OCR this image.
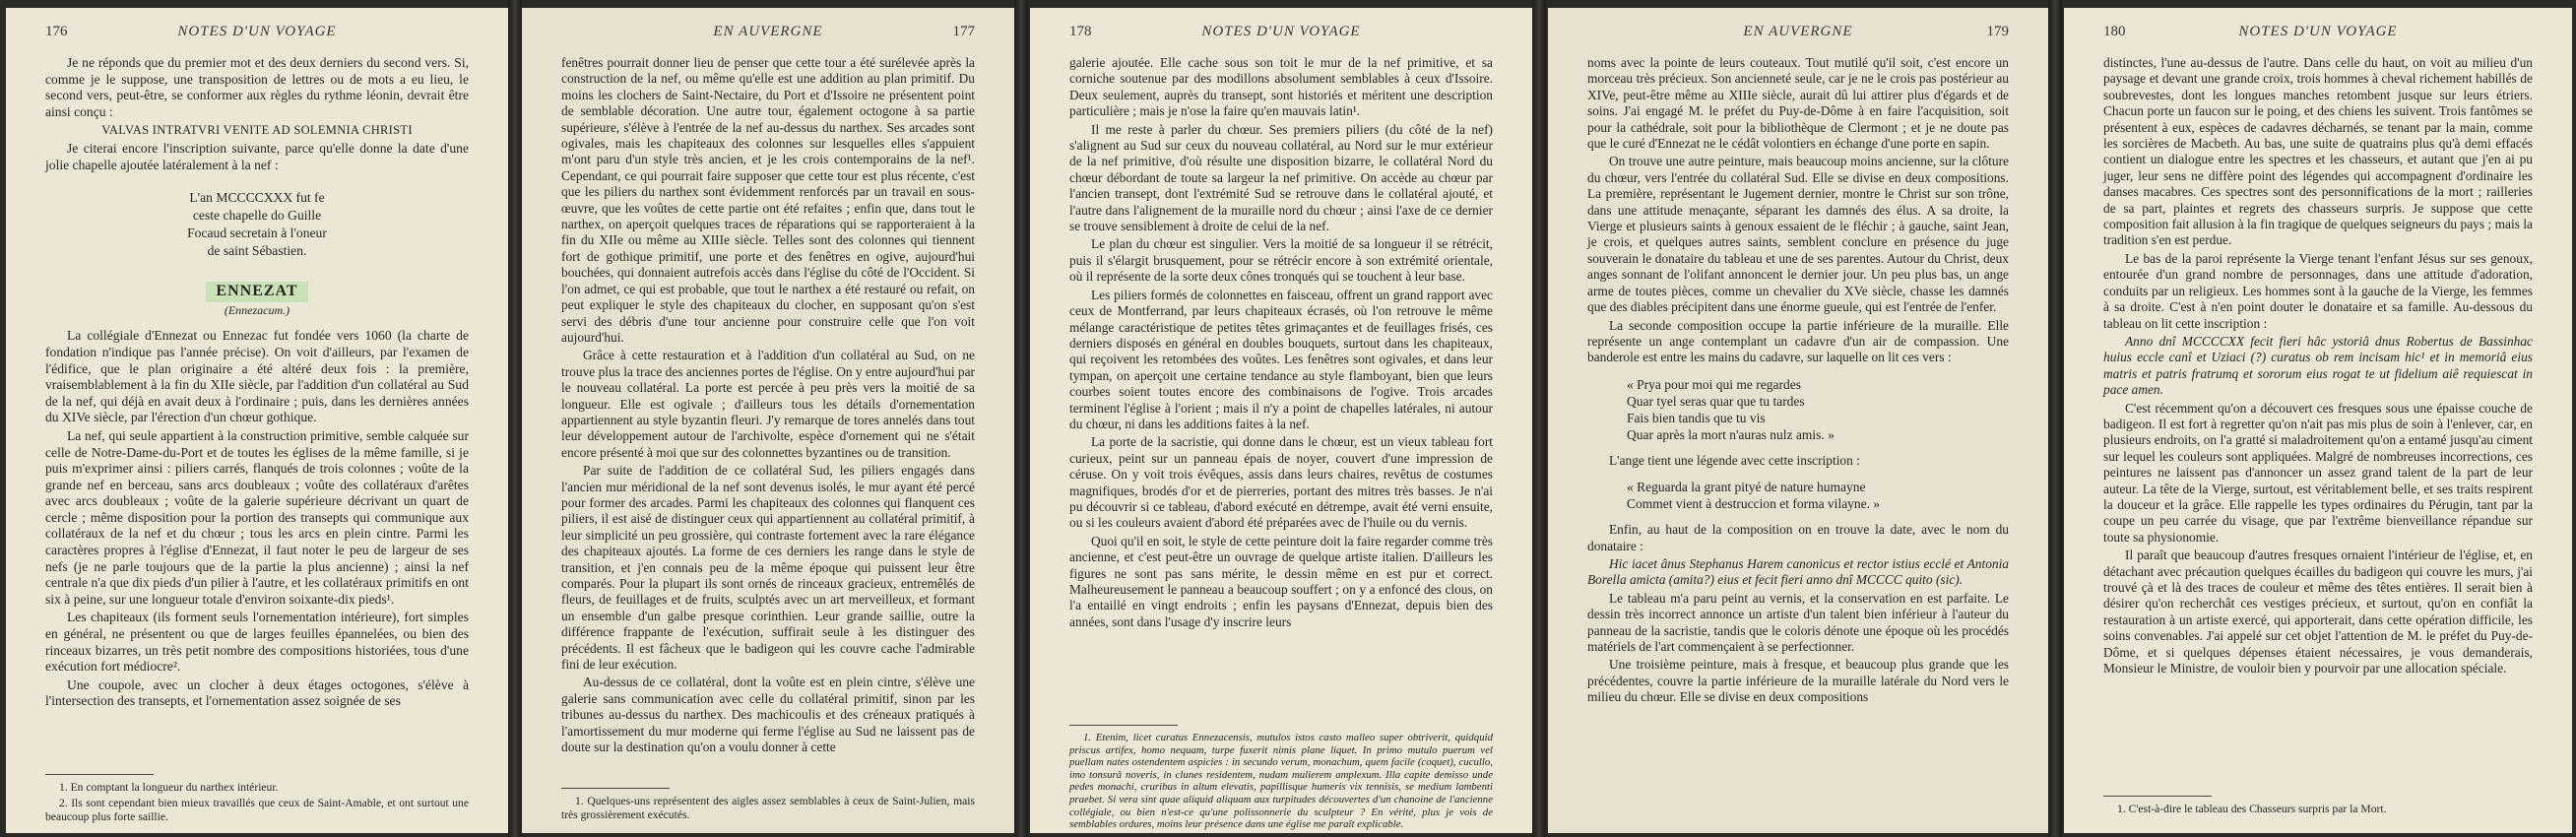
176	NOTES D'UN VOYAGE

Je ne réponds que du premier mot et des deux derniers du second vers. Si, comme je le suppose, une transposition de lettres ou de mots a eu lieu, le second vers, peut-être, se conformer aux règles du rythme léonin, devrait être ainsi conçu :

VALVAS INTRATVRI VENITE AD SOLEMNIA CHRISTI

Je citerai encore l'inscription suivante, parce qu'elle donne la date d'une jolie chapelle ajoutée latéralement à la nef :

L'an MCCCCXXX fut fe
ceste chapelle do Guille
Focaud secretain à l'oneur
de saint Sébastien.
ENNEZAT
(Ennezacum.)

La collégiale d'Ennezat ou Ennezac fut fondée vers 1060 (la charte de fondation n'indique pas l'année précise). On voit d'ailleurs, par l'examen de l'édifice, que le plan originaire a été altéré deux fois : la première, vraisemblablement à la fin du XIIe siècle, par l'addition d'un collatéral au Sud de la nef, qui déjà en avait deux à l'ordinaire ; puis, dans les dernières années du XIVe siècle, par l'érection d'un chœur gothique.

La nef, qui seule appartient à la construction primitive, semble calquée sur celle de Notre-Dame-du-Port et de toutes les églises de la même famille, si je puis m'exprimer ainsi : piliers carrés, flanqués de trois colonnes ; voûte de la grande nef en berceau, sans arcs doubleaux ; voûte des collatéraux d'arêtes avec arcs doubleaux ; voûte de la galerie supérieure décrivant un quart de cercle ; même disposition pour la portion des transepts qui communique aux collatéraux de la nef et du chœur ; tous les arcs en plein cintre. Parmi les caractères propres à l'église d'Ennezat, il faut noter le peu de largeur de ses nefs (je ne parle toujours que de la partie la plus ancienne) ; ainsi la nef centrale n'a que dix pieds d'un pilier à l'autre, et les collatéraux primitifs en ont six à peine, sur une longueur totale d'environ soixante-dix pieds¹.

Les chapiteaux (ils forment seuls l'ornementation intérieure), fort simples en général, ne présentent ou que de larges feuilles épannelées, ou bien des rinceaux bizarres, un très petit nombre des compositions historiées, tous d'une exécution fort médiocre².

Une coupole, avec un clocher à deux étages octogones, s'élève à l'intersection des transepts, et l'ornementation assez soignée de ses

1. En comptant la longueur du narthex intérieur.

2. Ils sont cependant bien mieux travaillés que ceux de Saint-Amable, et ont surtout une beaucoup plus forte saillie.

EN AUVERGNE	177

fenêtres pourrait donner lieu de penser que cette tour a été surélevée après la construction de la nef, ou même qu'elle est une addition au plan primitif. Du moins les clochers de Saint-Nectaire, du Port et d'Issoire ne présentent point de semblable décoration. Une autre tour, également octogone à sa partie supérieure, s'élève à l'entrée de la nef au-dessus du narthex. Ses arcades sont ogivales, mais les chapiteaux des colonnes sur lesquelles elles s'appuient m'ont paru d'un style très ancien, et je les crois contemporains de la nef¹. Cependant, ce qui pourrait faire supposer que cette tour est plus récente, c'est que les piliers du narthex sont évidemment renforcés par un travail en sous-œuvre, que les voûtes de cette partie ont été refaites ; enfin que, dans tout le narthex, on aperçoit quelques traces de réparations qui se rapporteraient à la fin du XIIe ou même au XIIIe siècle. Telles sont des colonnes qui tiennent fort de gothique primitif, une porte et des fenêtres en ogive, aujourd'hui bouchées, qui donnaient autrefois accès dans l'église du côté de l'Occident. Si l'on admet, ce qui est probable, que tout le narthex a été restauré ou refait, on peut expliquer le style des chapiteaux du clocher, en supposant qu'on s'est servi des débris d'une tour ancienne pour construire celle que l'on voit aujourd'hui.

Grâce à cette restauration et à l'addition d'un collatéral au Sud, on ne trouve plus la trace des anciennes portes de l'église. On y entre aujourd'hui par le nouveau collatéral. La porte est percée à peu près vers la moitié de sa longueur. Elle est ogivale ; d'ailleurs tous les détails d'ornementation appartiennent au style byzantin fleuri. J'y remarque de tores annelés dans tout leur développement autour de l'archivolte, espèce d'ornement qui ne s'était encore présenté à moi que sur des colonnettes byzantines ou de transition.

Par suite de l'addition de ce collatéral Sud, les piliers engagés dans l'ancien mur méridional de la nef sont devenus isolés, le mur ayant été percé pour former des arcades. Parmi les chapiteaux des colonnes qui flanquent ces piliers, il est aisé de distinguer ceux qui appartiennent au collatéral primitif, à leur simplicité un peu grossière, qui contraste fortement avec la rare élégance des chapiteaux ajoutés. La forme de ces derniers les range dans le style de transition, et j'en connais peu de la même époque qui puissent leur être comparés. Pour la plupart ils sont ornés de rinceaux gracieux, entremêlés de fleurs, de feuillages et de fruits, sculptés avec un art merveilleux, et formant un ensemble d'un galbe presque corinthien. Leur grande saillie, outre la différence frappante de l'exécution, suffirait seule à les distinguer des précédents. Il est fâcheux que le badigeon qui les couvre cache l'admirable fini de leur exécution.

Au-dessus de ce collatéral, dont la voûte est en plein cintre, s'élève une galerie sans communication avec celle du collatéral primitif, sinon par les tribunes au-dessus du narthex. Des machicoulis et des créneaux pratiqués à l'amortissement du mur moderne qui ferme l'église au Sud ne laissent pas de doute sur la destination qu'on a voulu donner à cette

1. Quelques-uns représentent des aigles assez semblables à ceux de Saint-Julien, mais très grossièrement exécutés.

178	NOTES D'UN VOYAGE

galerie ajoutée. Elle cache sous son toit le mur de la nef primitive, et sa corniche soutenue par des modillons absolument semblables à ceux d'Issoire. Deux seulement, auprès du transept, sont historiés et méritent une description particulière ; mais je n'ose la faire qu'en mauvais latin¹.

Il me reste à parler du chœur. Ses premiers piliers (du côté de la nef) s'alignent au Sud sur ceux du nouveau collatéral, au Nord sur le mur extérieur de la nef primitive, d'où résulte une disposition bizarre, le collatéral Nord du chœur débordant de toute sa largeur la nef primitive. On accède au chœur par l'ancien transept, dont l'extrémité Sud se retrouve dans le collatéral ajouté, et l'autre dans l'alignement de la muraille nord du chœur ; ainsi l'axe de ce dernier se trouve sensiblement à droite de celui de la nef.

Le plan du chœur est singulier. Vers la moitié de sa longueur il se rétrécit, puis il s'élargit brusquement, pour se rétrécir encore à son extrémité orientale, où il représente de la sorte deux cônes tronqués qui se touchent à leur base.

Les piliers formés de colonnettes en faisceau, offrent un grand rapport avec ceux de Montferrand, par leurs chapiteaux écrasés, où l'on retrouve le même mélange caractéristique de petites têtes grimaçantes et de feuillages frisés, ces derniers disposés en général en doubles bouquets, surtout dans les chapiteaux, qui reçoivent les retombées des voûtes. Les fenêtres sont ogivales, et dans leur tympan, on aperçoit une certaine tendance au style flamboyant, bien que leurs courbes soient toutes encore des combinaisons de l'ogive. Trois arcades terminent l'église à l'orient ; mais il n'y a point de chapelles latérales, ni autour du chœur, ni dans les additions faites à la nef.

La porte de la sacristie, qui donne dans le chœur, est un vieux tableau fort curieux, peint sur un panneau épais de noyer, couvert d'une impression de céruse. On y voit trois évêques, assis dans leurs chaires, revêtus de costumes magnifiques, brodés d'or et de pierreries, portant des mitres très basses. Je n'ai pu découvrir si ce tableau, d'abord exécuté en détrempe, avait été verni ensuite, ou si les couleurs avaient d'abord été préparées avec de l'huile ou du vernis.

Quoi qu'il en soit, le style de cette peinture doit la faire regarder comme très ancienne, et c'est peut-être un ouvrage de quelque artiste italien. D'ailleurs les figures ne sont pas sans mérite, le dessin même en est pur et correct. Malheureusement le panneau a beaucoup souffert ; on y a enfoncé des clous, on l'a entaillé en vingt endroits ; enfin les paysans d'Ennezat, depuis bien des années, sont dans l'usage d'y inscrire leurs

1. Etenim, licet curatus Ennezacensis, mutulos istos casto malleo super obtriverit, quidquid priscus artifex, homo nequam, turpe fuxerit nimis plane liquet. In primo mutulo puerum vel puellam nates ostendentem aspicies : in secundo verum, monachum, quem facile (coquet), cucullo, imo tonsurâ noveris, in clunes residentem, nudam mulierem amplexum. Illa capite demisso unde pedes monachi, cruribus in altum elevatis, papillisque humeris vix tennisis, se medium lambenti praebet. Si vera sint quae aliquid aliquam aux turpitudes découvertes d'un chanoine de l'ancienne collégiale, ou bien n'est-ce qu'une polissonnerie du sculpteur ? En vérité, plus je vois de semblables ordures, moins leur présence dans une église me paraît explicable.

EN AUVERGNE	179

noms avec la pointe de leurs couteaux. Tout mutilé qu'il soit, c'est encore un morceau très précieux. Son ancienneté seule, car je ne le crois pas postérieur au XIVe, peut-être même au XIIIe siècle, aurait dû lui attirer plus d'égards et de soins. J'ai engagé M. le préfet du Puy-de-Dôme à en faire l'acquisition, soit pour la cathédrale, soit pour la bibliothèque de Clermont ; et je ne doute pas que le curé d'Ennezat ne le cédât volontiers en échange d'une porte en sapin.

On trouve une autre peinture, mais beaucoup moins ancienne, sur la clôture du chœur, vers l'entrée du collatéral Sud. Elle se divise en deux compositions. La première, représentant le Jugement dernier, montre le Christ sur son trône, dans une attitude menaçante, séparant les damnés des élus. A sa droite, la Vierge et plusieurs saints à genoux essaient de le fléchir ; à gauche, saint Jean, je crois, et quelques autres saints, semblent conclure en présence du juge souverain le donataire du tableau et une de ses parentes. Autour du Christ, deux anges sonnant de l'olifant annoncent le dernier jour. Un peu plus bas, un ange arme de toutes pièces, comme un chevalier du XVe siècle, chasse les damnés que des diables précipitent dans une énorme gueule, qui est l'entrée de l'enfer.

La seconde composition occupe la partie inférieure de la muraille. Elle représente un ange contemplant un cadavre d'un air de compassion. Une banderole est entre les mains du cadavre, sur laquelle on lit ces vers :

« Prya pour moi qui me regardes
Quar tyel seras quar que tu tardes
Fais bien tandis que tu vis
Quar après la mort n'auras nulz amis. »

L'ange tient une légende avec cette inscription :

« Reguarda la grant pityé de nature humayne
Commet vient à destruccion et forma vilayne. »

Enfin, au haut de la composition on en trouve la date, avec le nom du donataire :

Hic iacet ânus Stephanus Harem canonicus et rector istius ecclé et Antonia Borella amicta (amita?) eius et fecit fieri anno dnî MCCCC quito (sic).

Le tableau m'a paru peint au vernis, et la conservation en est parfaite. Le dessin très incorrect annonce un artiste d'un talent bien inférieur à l'auteur du panneau de la sacristie, tandis que le coloris dénote une époque où les procédés matériels de l'art commençaient à se perfectionner.

Une troisième peinture, mais à fresque, et beaucoup plus grande que les précédentes, couvre la partie inférieure de la muraille latérale du Nord vers le milieu du chœur. Elle se divise en deux compositions

180	NOTES D'UN VOYAGE

distinctes, l'une au-dessus de l'autre. Dans celle du haut, on voit au milieu d'un paysage et devant une grande croix, trois hommes à cheval richement habillés de soubrevestes, dont les longues manches retombent jusque sur leurs étriers. Chacun porte un faucon sur le poing, et des chiens les suivent. Trois fantômes se présentent à eux, espèces de cadavres décharnés, se tenant par la main, comme les sorcières de Macbeth. Au bas, une suite de quatrains plus qu'à demi effacés contient un dialogue entre les spectres et les chasseurs, et autant que j'en ai pu juger, leur sens ne diffère point des légendes qui accompagnent d'ordinaire les danses macabres. Ces spectres sont des personnifications de la mort ; railleries de sa part, plaintes et regrets des chasseurs surpris. Je suppose que cette composition fait allusion à la fin tragique de quelques seigneurs du pays ; mais la tradition s'en est perdue.

Le bas de la paroi représente la Vierge tenant l'enfant Jésus sur ses genoux, entourée d'un grand nombre de personnages, dans une attitude d'adoration, conduits par un religieux. Les hommes sont à la gauche de la Vierge, les femmes à sa droite. C'est à n'en point douter le donataire et sa famille. Au-dessous du tableau on lit cette inscription :

Anno dnî MCCCCXX fecit fieri hâc ystoriâ dnus Robertus de Bassinhac huius eccle canî et Uziaci (?) curatus ob rem incisam hic¹ et in memoriâ eius matris et patris fratrumq et sororum eius rogat te ut fidelium aiê requiescat in pace amen.

C'est récemment qu'on a découvert ces fresques sous une épaisse couche de badigeon. Il est fort à regretter qu'on n'ait pas mis plus de soin à l'enlever, car, en plusieurs endroits, on l'a gratté si maladroitement qu'on a entamé jusqu'au ciment sur lequel les couleurs sont appliquées. Malgré de nombreuses incorrections, ces peintures ne laissent pas d'annoncer un assez grand talent de la part de leur auteur. La tête de la Vierge, surtout, est véritablement belle, et ses traits respirent la douceur et la grâce. Elle rappelle les types ordinaires du Pérugin, tant par la coupe un peu carrée du visage, que par l'extrême bienveillance répandue sur toute sa physionomie.

Il paraît que beaucoup d'autres fresques ornaient l'intérieur de l'église, et, en détachant avec précaution quelques écailles du badigeon qui couvre les murs, j'ai trouvé çà et là des traces de couleur et même des têtes entières. Il serait bien à désirer qu'on recherchât ces vestiges précieux, et surtout, qu'on en confiât la restauration à un artiste exercé, qui apporterait, dans cette opération difficile, les soins convenables. J'ai appelé sur cet objet l'attention de M. le préfet du Puy-de-Dôme, et si quelques dépenses étaient nécessaires, je vous demanderais, Monsieur le Ministre, de vouloir bien y pourvoir par une allocation spéciale.

1. C'est-à-dire le tableau des Chasseurs surpris par la Mort.
